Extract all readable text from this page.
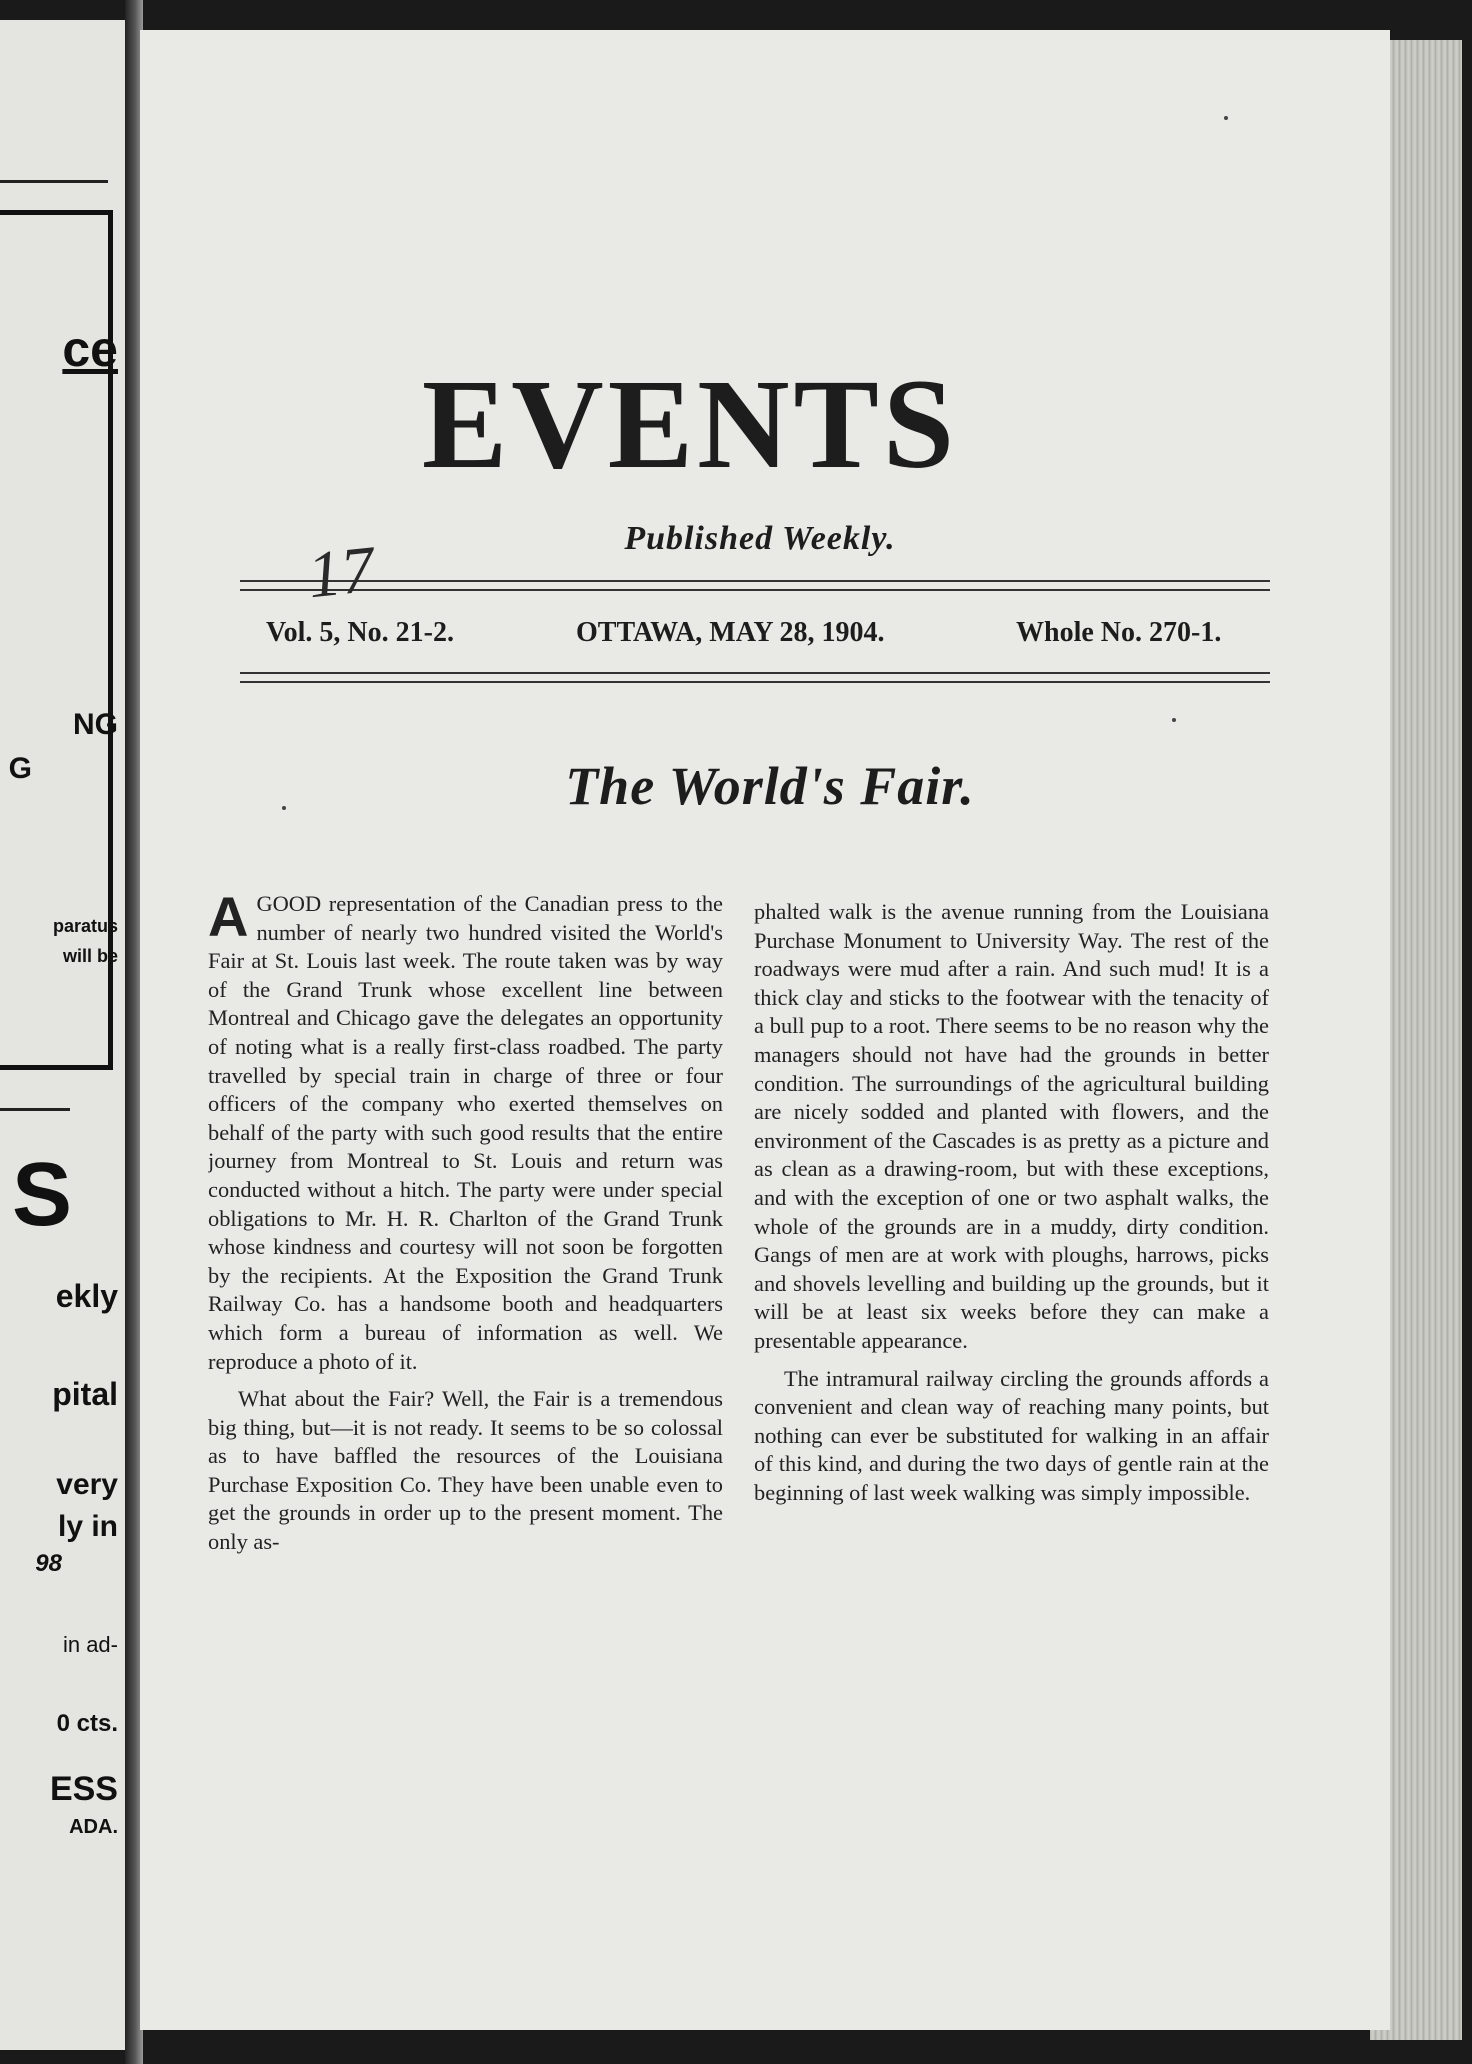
ce
NG
G
paratus
will be
S
ekly
pital
very
ly in
98
in ad-
0 cts.
ESS
ADA.
EVENTS
Published Weekly.
17
Vol. 5, No. 21-2.	OTTAWA, MAY 28, 1904.	Whole No. 270-1.
The World's Fair.

AGOOD representation of the Canadian press to the number of nearly two hundred visited the World's Fair at St. Louis last week. The route taken was by way of the Grand Trunk whose excellent line between Montreal and Chicago gave the delegates an opportunity of noting what is a really first-class roadbed. The party travelled by special train in charge of three or four officers of the company who exerted themselves on behalf of the party with such good results that the entire journey from Montreal to St. Louis and return was conducted without a hitch. The party were under special obligations to Mr. H. R. Charlton of the Grand Trunk whose kindness and courtesy will not soon be forgotten by the recipients. At the Exposition the Grand Trunk Railway Co. has a handsome booth and headquarters which form a bureau of information as well. We reproduce a photo of it.

What about the Fair? Well, the Fair is a tremendous big thing, but—it is not ready. It seems to be so colossal as to have baffled the resources of the Louisiana Purchase Exposition Co. They have been unable even to get the grounds in order up to the present moment. The only as-

phalted walk is the avenue running from the Louisiana Purchase Monument to University Way. The rest of the roadways were mud after a rain. And such mud! It is a thick clay and sticks to the footwear with the tenacity of a bull pup to a root. There seems to be no reason why the managers should not have had the grounds in better condition. The surroundings of the agricultural building are nicely sodded and planted with flowers, and the environment of the Cascades is as pretty as a picture and as clean as a drawing-room, but with these exceptions, and with the exception of one or two asphalt walks, the whole of the grounds are in a muddy, dirty condition. Gangs of men are at work with ploughs, harrows, picks and shovels levelling and building up the grounds, but it will be at least six weeks before they can make a presentable appearance.

The intramural railway circling the grounds affords a convenient and clean way of reaching many points, but nothing can ever be substituted for walking in an affair of this kind, and during the two days of gentle rain at the beginning of last week walking was simply impossible.
